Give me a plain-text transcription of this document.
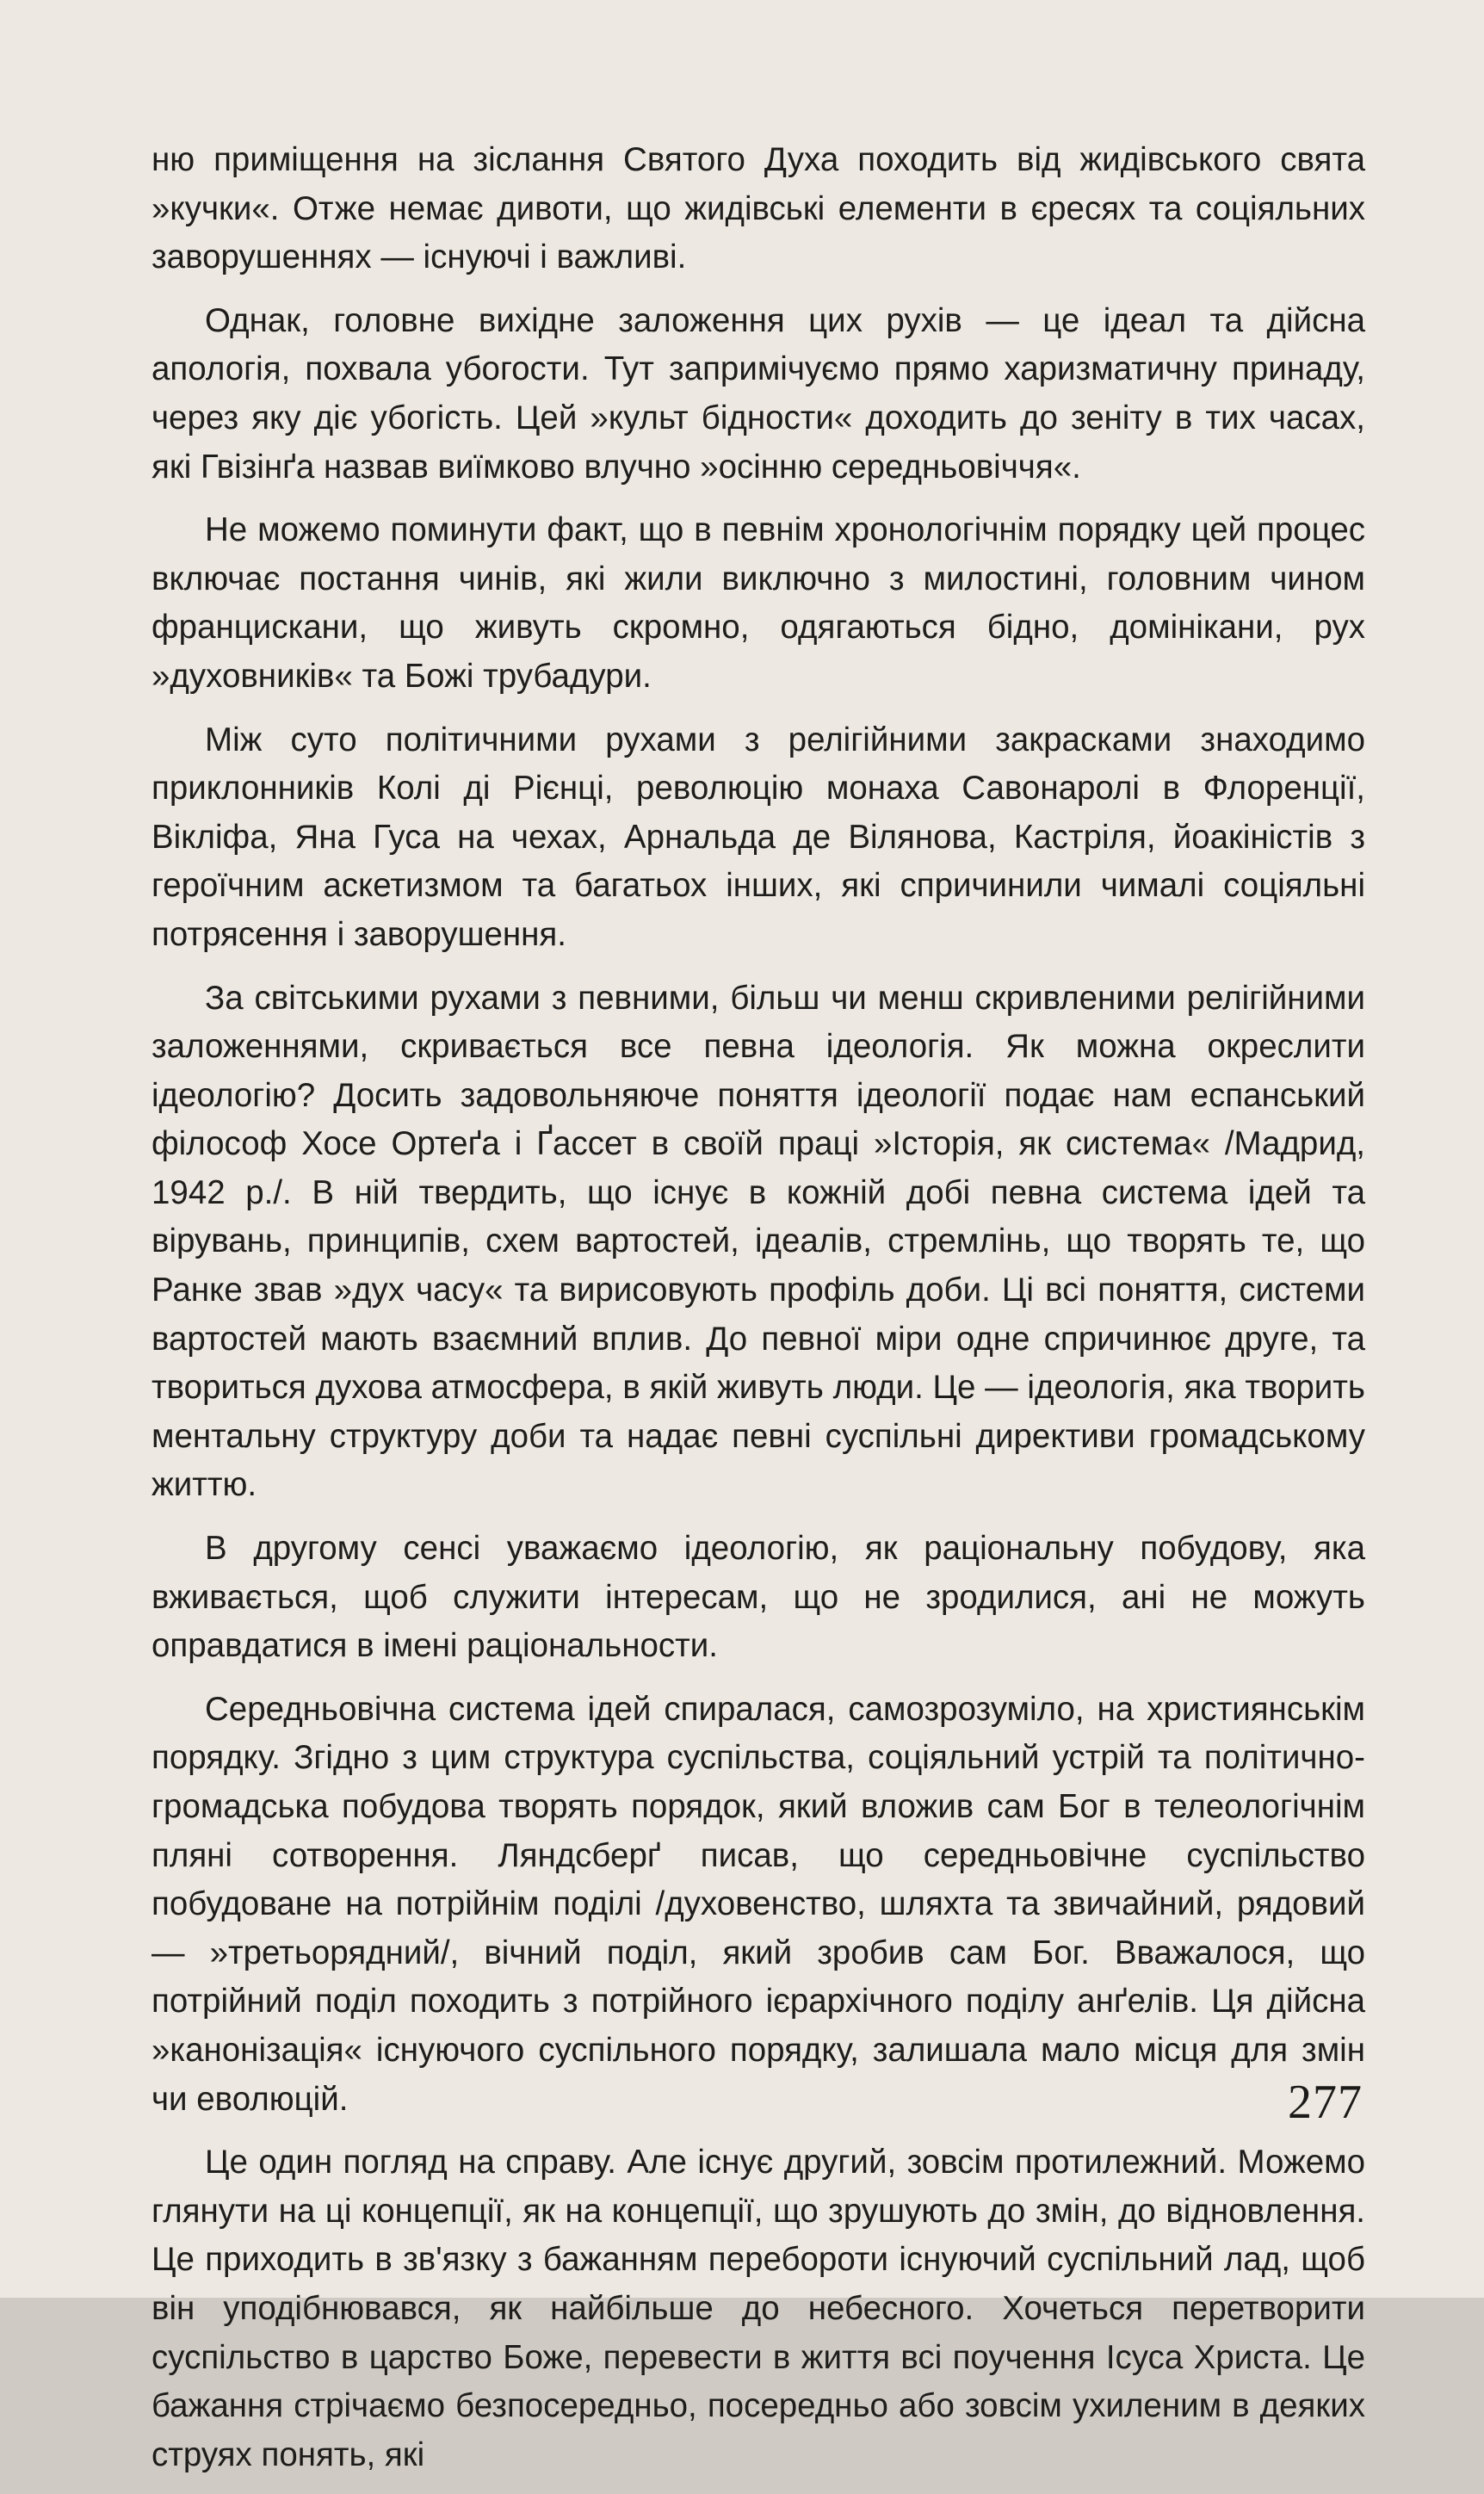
ню приміщення на зіслання Святого Духа походить від жидівського свята »кучки«. Отже немає дивоти, що жидівські елементи в єресях та соціяльних заворушеннях — існуючі і важливі.

Однак, головне вихідне заложення цих рухів — це ідеал та дійсна апологія, похвала убогости. Тут запримічуємо прямо харизматичну принаду, через яку діє убогість. Цей »культ бідности« доходить до зеніту в тих часах, які Гвізінґа назвав виїмково влучно »осінню середньовіччя«.

Не можемо поминути факт, що в певнім хронологічнім порядку цей процес включає постання чинів, які жили виключно з милостині, головним чином францискани, що живуть скромно, одягаються бідно, домінікани, рух »духовників« та Божі трубадури.

Між суто політичними рухами з релігійними закрасками знаходимо приклонників Колі ді Рієнці, революцію монаха Савонаролі в Флоренції, Вікліфа, Яна Гуса на чехах, Арнальда де Вілянова, Кастріля, йоакіністів з героїчним аскетизмом та багатьох інших, які спричинили чималі соціяльні потрясення і заворушення.

За світськими рухами з певними, більш чи менш скривленими релігійними заложеннями, скривається все певна ідеологія. Як можна окреслити ідеологію? Досить задовольняюче поняття ідеології подає нам еспанський філософ Хосе Ортеґа і Ґассет в своїй праці »Історія, як система« /Мадрид, 1942 р./. В ній твердить, що існує в кожній добі певна система ідей та вірувань, принципів, схем вартостей, ідеалів, стремлінь, що творять те, що Ранке звав »дух часу« та вирисовують профіль доби. Ці всі поняття, системи вартостей мають взаємний вплив. До певної міри одне спричинює друге, та твориться духова атмосфера, в якій живуть люди. Це — ідеологія, яка творить ментальну структуру доби та надає певні суспільні директиви громадському життю.

В другому сенсі уважаємо ідеологію, як раціональну побудову, яка вживається, щоб служити інтересам, що не зродилися, ані не можуть оправдатися в імені раціональности.

Середньовічна система ідей спиралася, самозрозуміло, на християнськім порядку. Згідно з цим структура суспільства, соціяльний устрій та політично-громадська побудова творять порядок, який вложив сам Бог в телеологічнім плянi сотворення. Ляндсберґ писав, що середньовічне суспільство побудоване на потрійнім поділі /духовенство, шляхта та звичайний, рядовий — »третьорядний/, вічний поділ, який зробив сам Бог. Вважалося, що потрійний поділ походить з потрійного ієрархічного поділу анґелів. Ця дійсна »канонізація« існуючого суспільного порядку, залишала мало місця для змін чи еволюцій.

Це один погляд на справу. Але існує другий, зовсім протилежний. Можемо глянути на ці концепції, як на концепції, що зрушують до змін, до відновлення. Це приходить в зв'язку з бажанням перебороти існуючий суспільний лад, щоб він уподібнювався, як найбільше до небесного. Хочеться перетворити суспільство в царство Боже, перевести в життя всі поучення Ісуса Христа. Це бажання стрічаємо безпосередньо, посередньо або зовсім ухиленим в деяких струях понять, які

277
